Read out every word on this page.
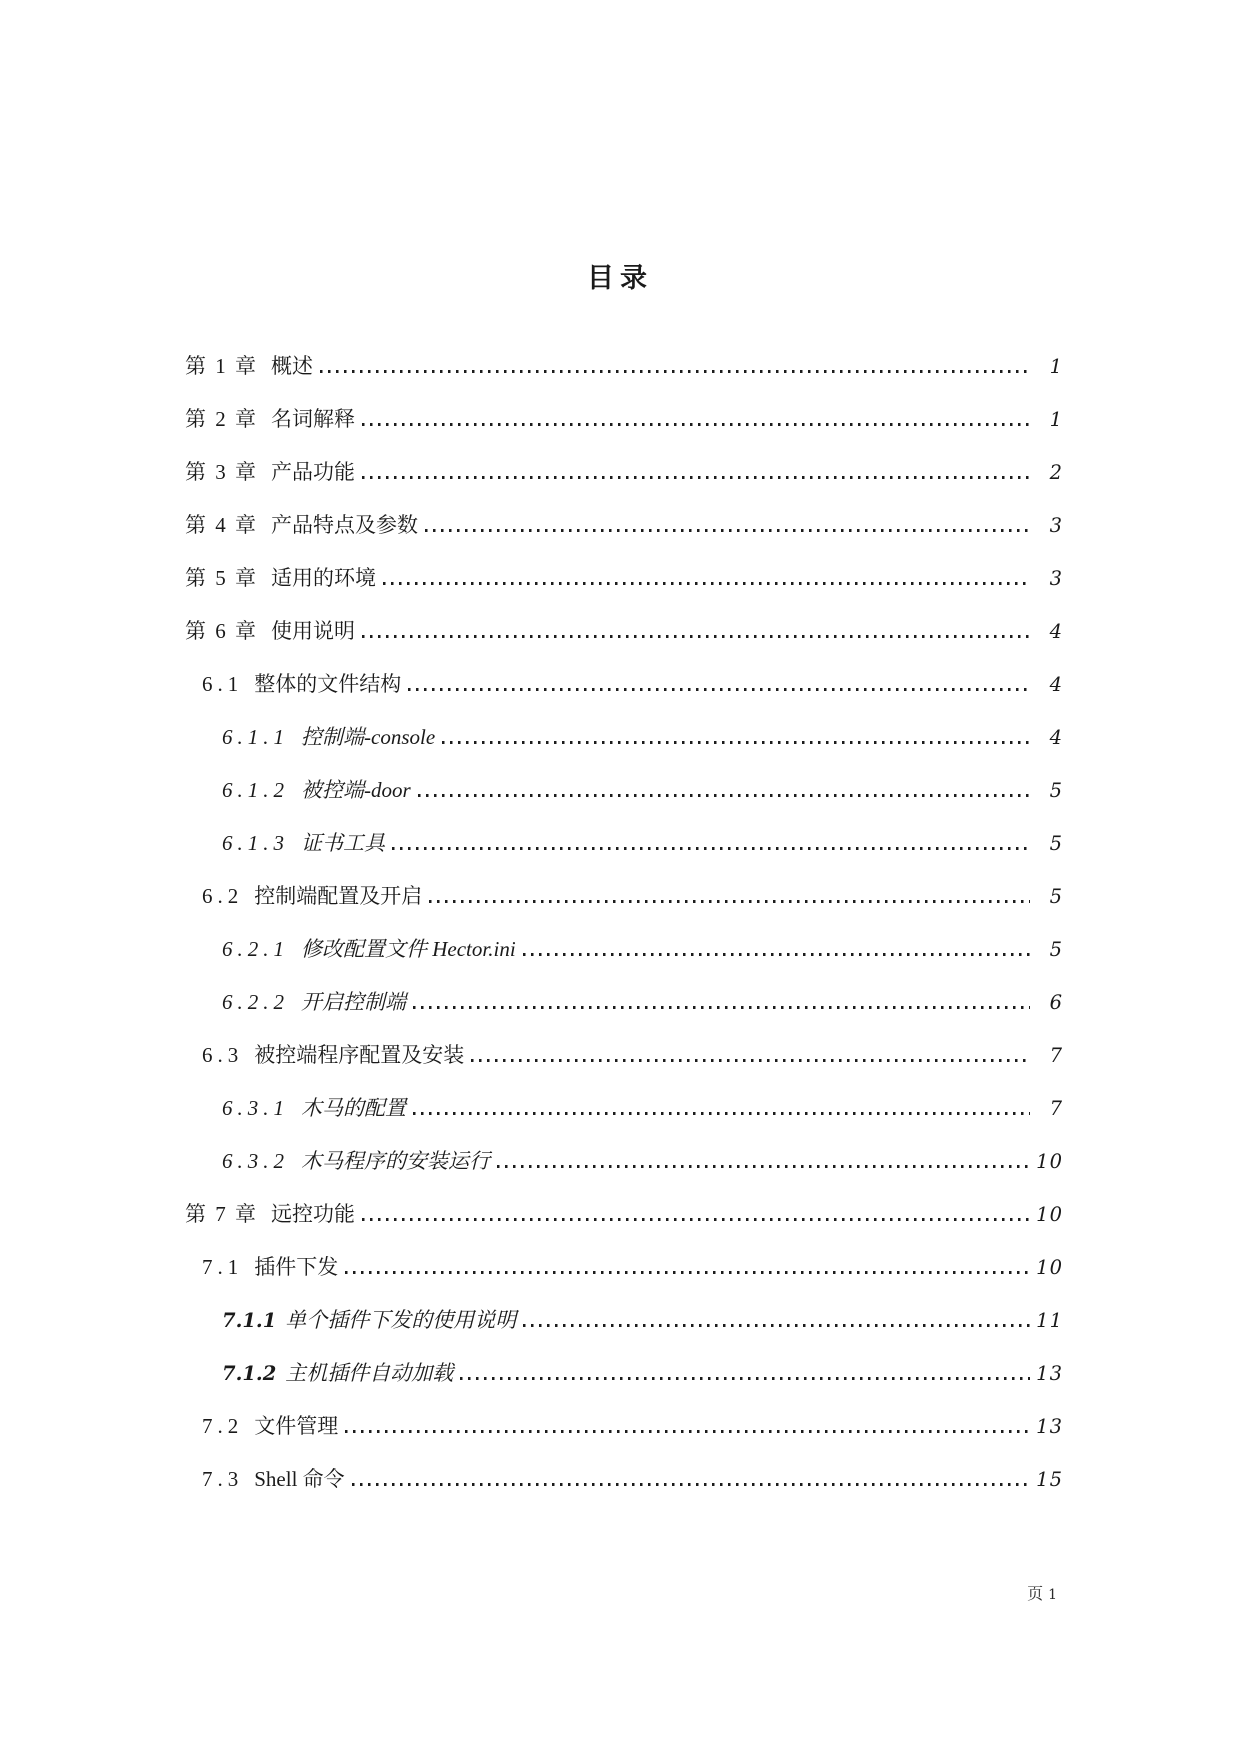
目录
第 1 章 概述	1
第 2 章 名词解释	1
第 3 章 产品功能	2
第 4 章 产品特点及参数	3
第 5 章 适用的环境	3
第 6 章 使用说明	4
6.1 整体的文件结构	4
6.1.1 控制端-console	4
6.1.2 被控端-door	5
6.1.3 证书工具	5
6.2 控制端配置及开启	5
6.2.1 修改配置文件 Hector.ini	5
6.2.2 开启控制端	6
6.3 被控端程序配置及安装	7
6.3.1 木马的配置	7
6.3.2 木马程序的安装运行	10
第 7 章 远控功能	10
7.1 插件下发	10
7.1.1 单个插件下发的使用说明	11
7.1.2 主机插件自动加载	13
7.2 文件管理	13
7.3 Shell 命令	15
页 1
